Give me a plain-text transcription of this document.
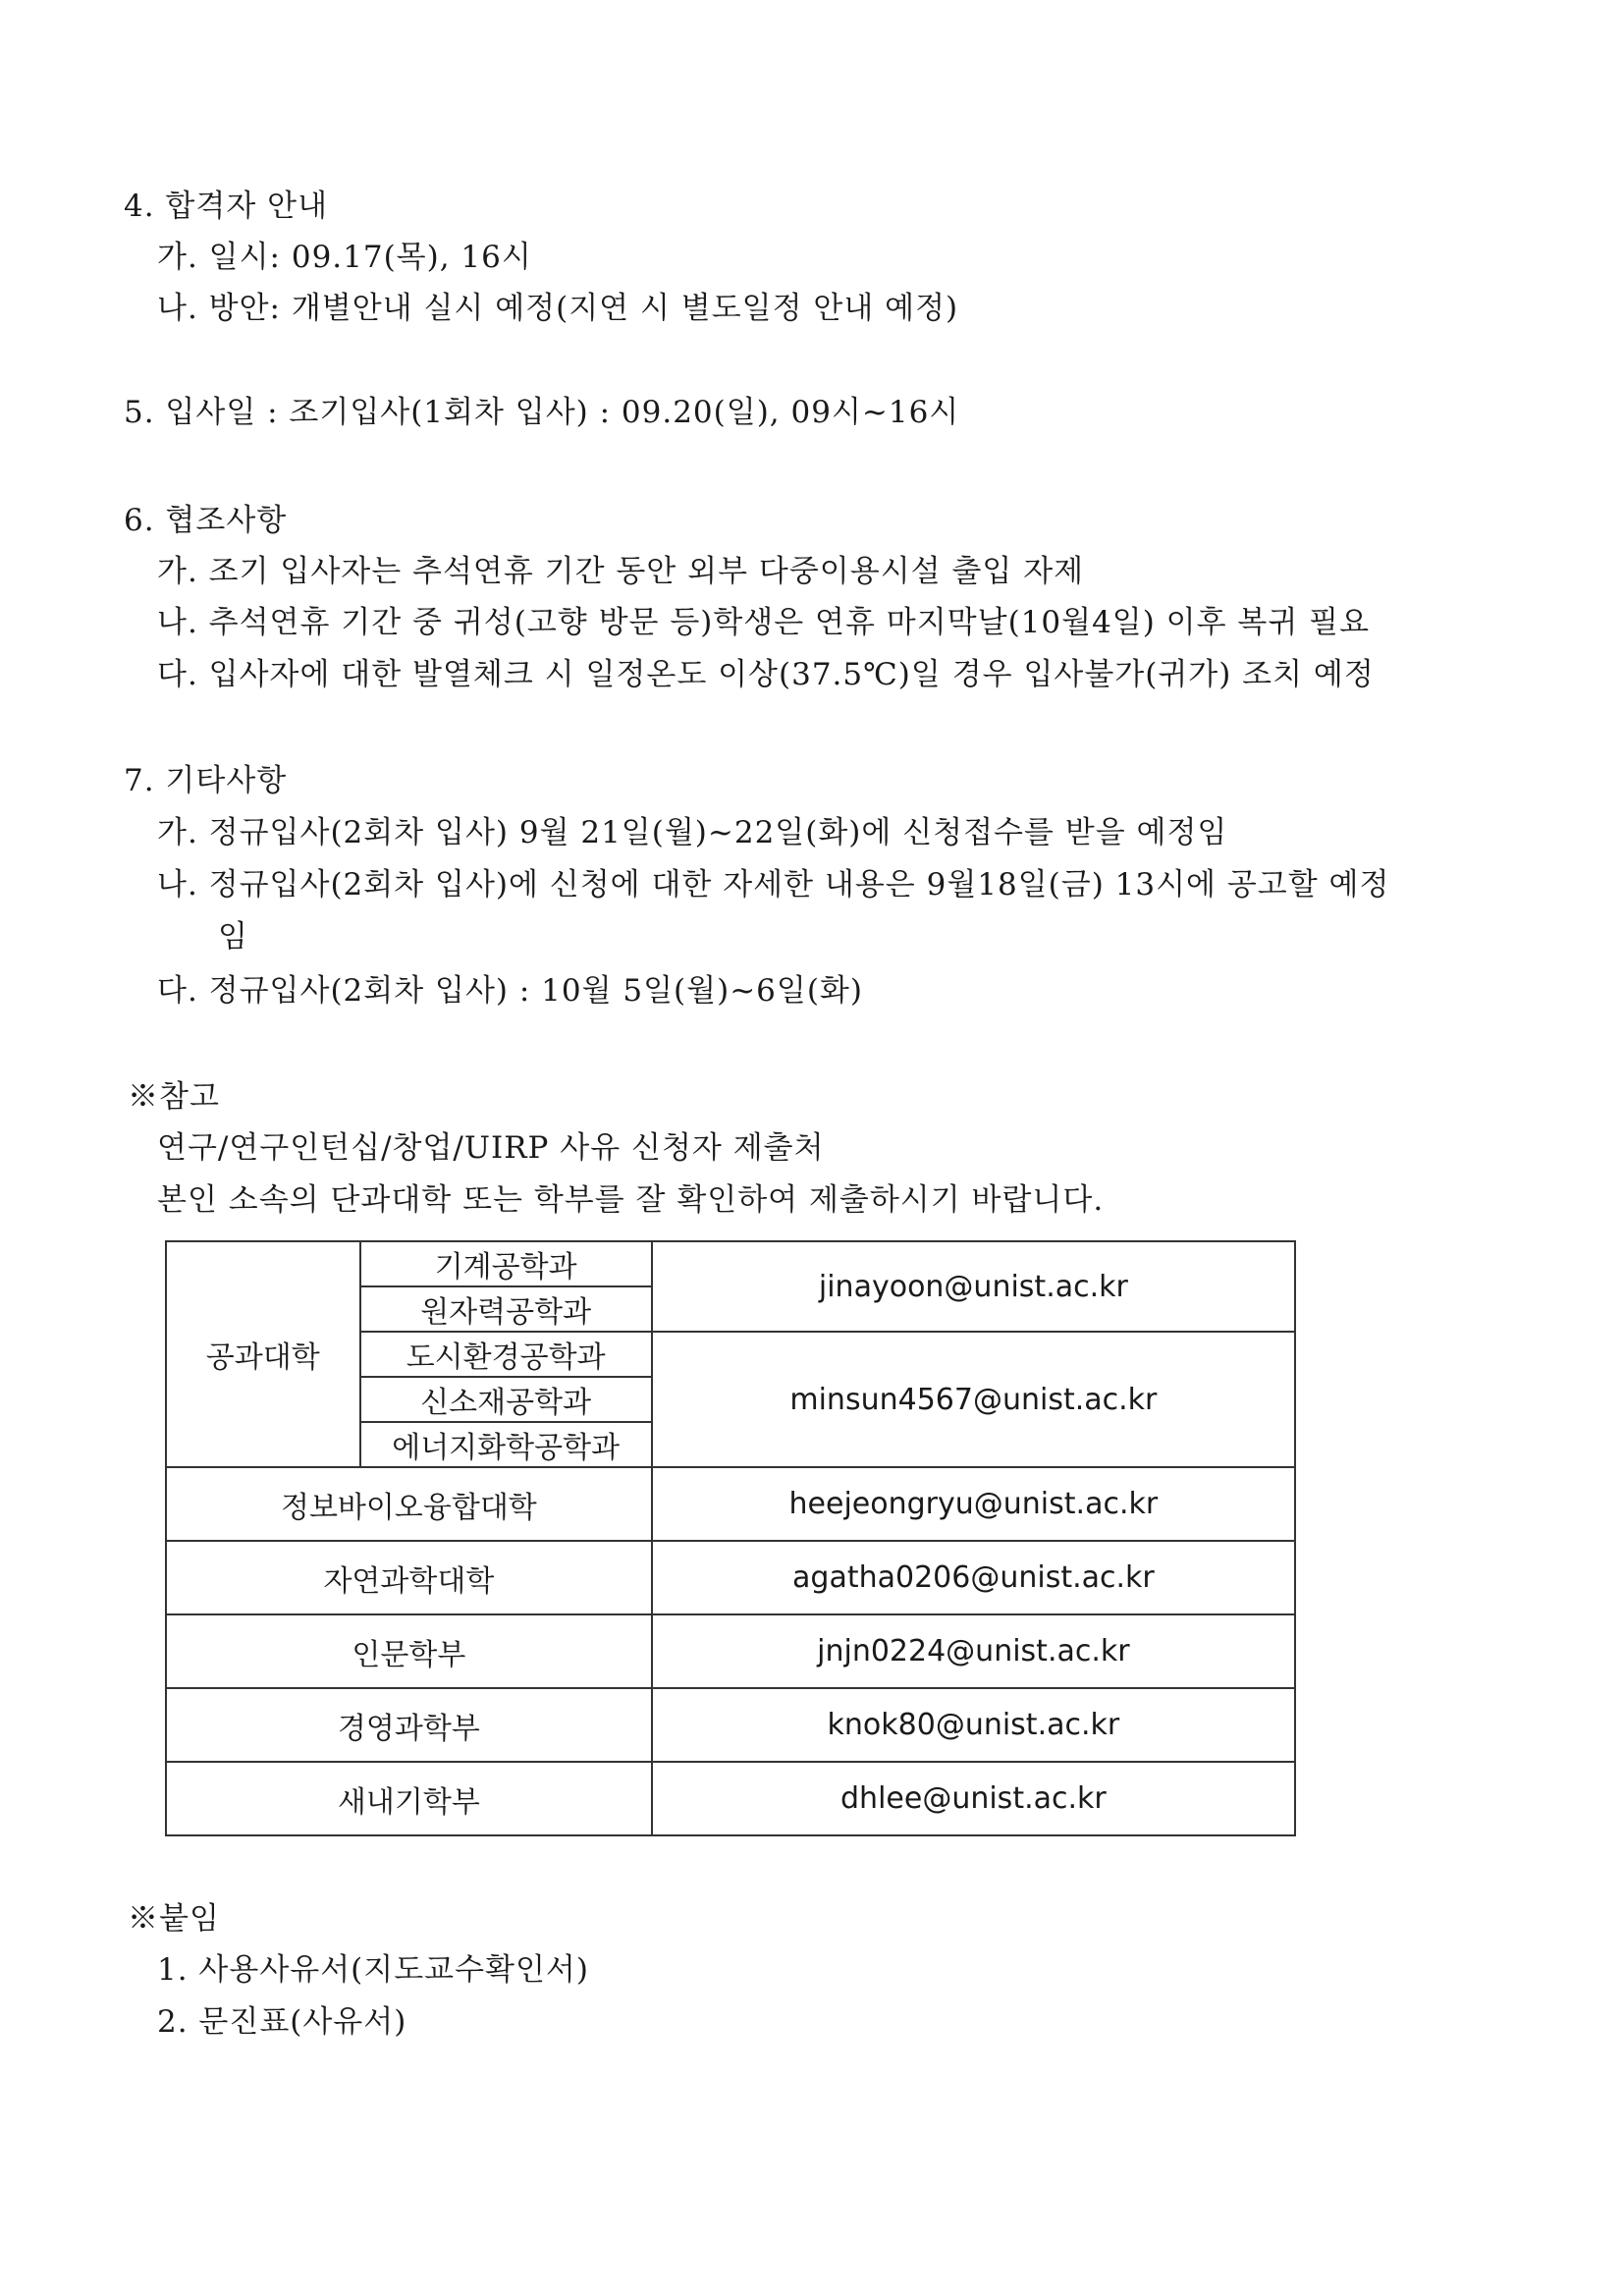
4. 합격자 안내
가. 일시: 09.17(목), 16시
나. 방안: 개별안내 실시 예정(지연 시 별도일정 안내 예정)
5. 입사일 : 조기입사(1회차 입사) : 09.20(일), 09시~16시
6. 협조사항
가. 조기 입사자는 추석연휴 기간 동안 외부 다중이용시설 출입 자제
나. 추석연휴 기간 중 귀성(고향 방문 등)학생은 연휴 마지막날(10월4일) 이후 복귀 필요
다. 입사자에 대한 발열체크 시 일정온도 이상(37.5℃)일 경우 입사불가(귀가) 조치 예정
7. 기타사항
가. 정규입사(2회차 입사) 9월 21일(월)~22일(화)에 신청접수를 받을 예정임
나. 정규입사(2회차 입사)에 신청에 대한 자세한 내용은 9월18일(금) 13시에 공고할 예정
임
다. 정규입사(2회차 입사) : 10월 5일(월)~6일(화)
※참고
연구/연구인턴십/창업/UIRP 사유 신청자 제출처
본인 소속의 단과대학 또는 학부를 잘 확인하여 제출하시기 바랍니다.
공과대학	기계공학과	jinayoon@unist.ac.kr
	원자력공학과	
	도시환경공학과	minsun4567@unist.ac.kr
	신소재공학과	
	에너지화학공학과	
정보바이오융합대학		heejeongryu@unist.ac.kr
자연과학대학		agatha0206@unist.ac.kr
인문학부		jnjn0224@unist.ac.kr
경영과학부		knok80@unist.ac.kr
새내기학부		dhlee@unist.ac.kr
※붙임
1. 사용사유서(지도교수확인서)
2. 문진표(사유서)
